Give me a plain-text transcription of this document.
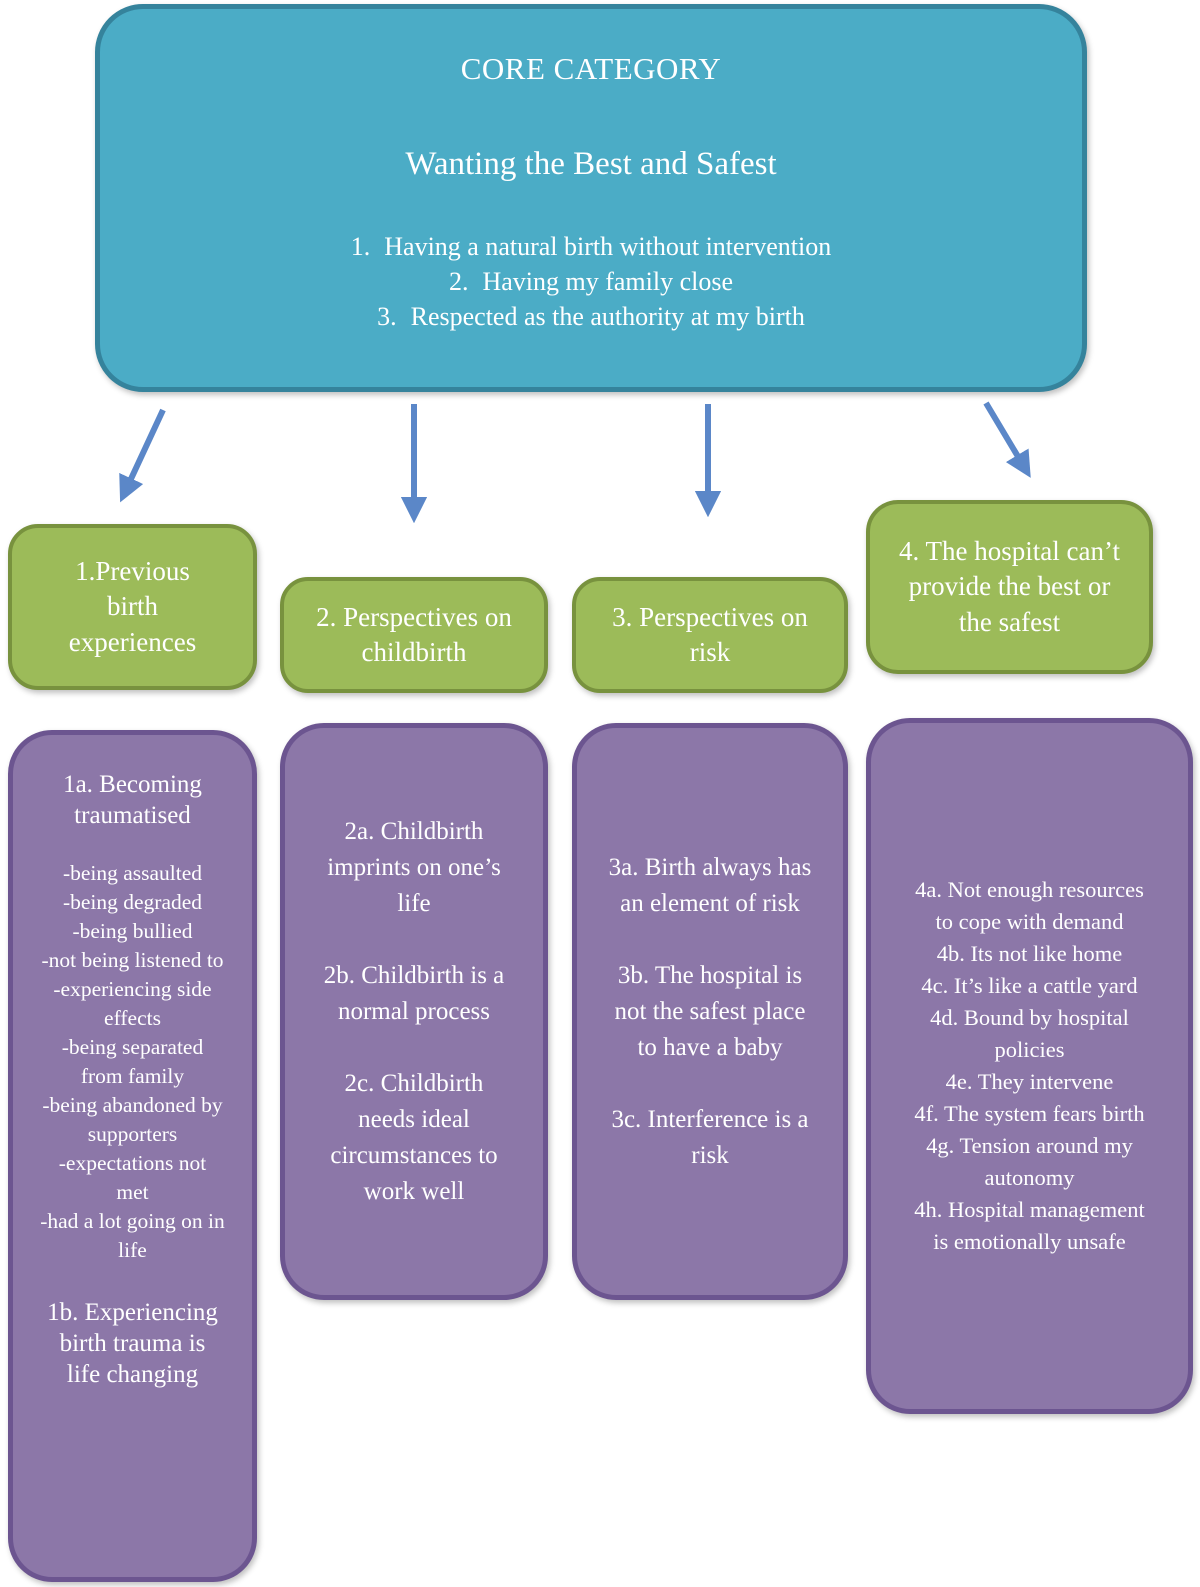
CORE CATEGORY
Wanting the Best and Safest
1. Having a natural birth without intervention
2. Having my family close
3. Respected as the authority at my birth
1.Previous birth experiences
2. Perspectives on childbirth
3. Perspectives on risk
4. The hospital can’t provide the best or the safest
1a. Becoming traumatised
-being assaulted
-being degraded
-being bullied
-not being listened to
-experiencing side effects
-being separated from family
-being abandoned by supporters
-expectations not met
-had a lot going on in life
1b. Experiencing birth trauma is life changing
2a. Childbirth imprints on one’s life
2b. Childbirth is a normal process
2c. Childbirth needs ideal circumstances to work well
3a. Birth always has an element of risk
3b. The hospital is not the safest place to have a baby
3c. Interference is a risk
4a. Not enough resources to cope with demand
4b. Its not like home
4c. It’s like a cattle yard
4d. Bound by hospital policies
4e. They intervene
4f. The system fears birth
4g. Tension around my autonomy
4h. Hospital management is emotionally unsafe
